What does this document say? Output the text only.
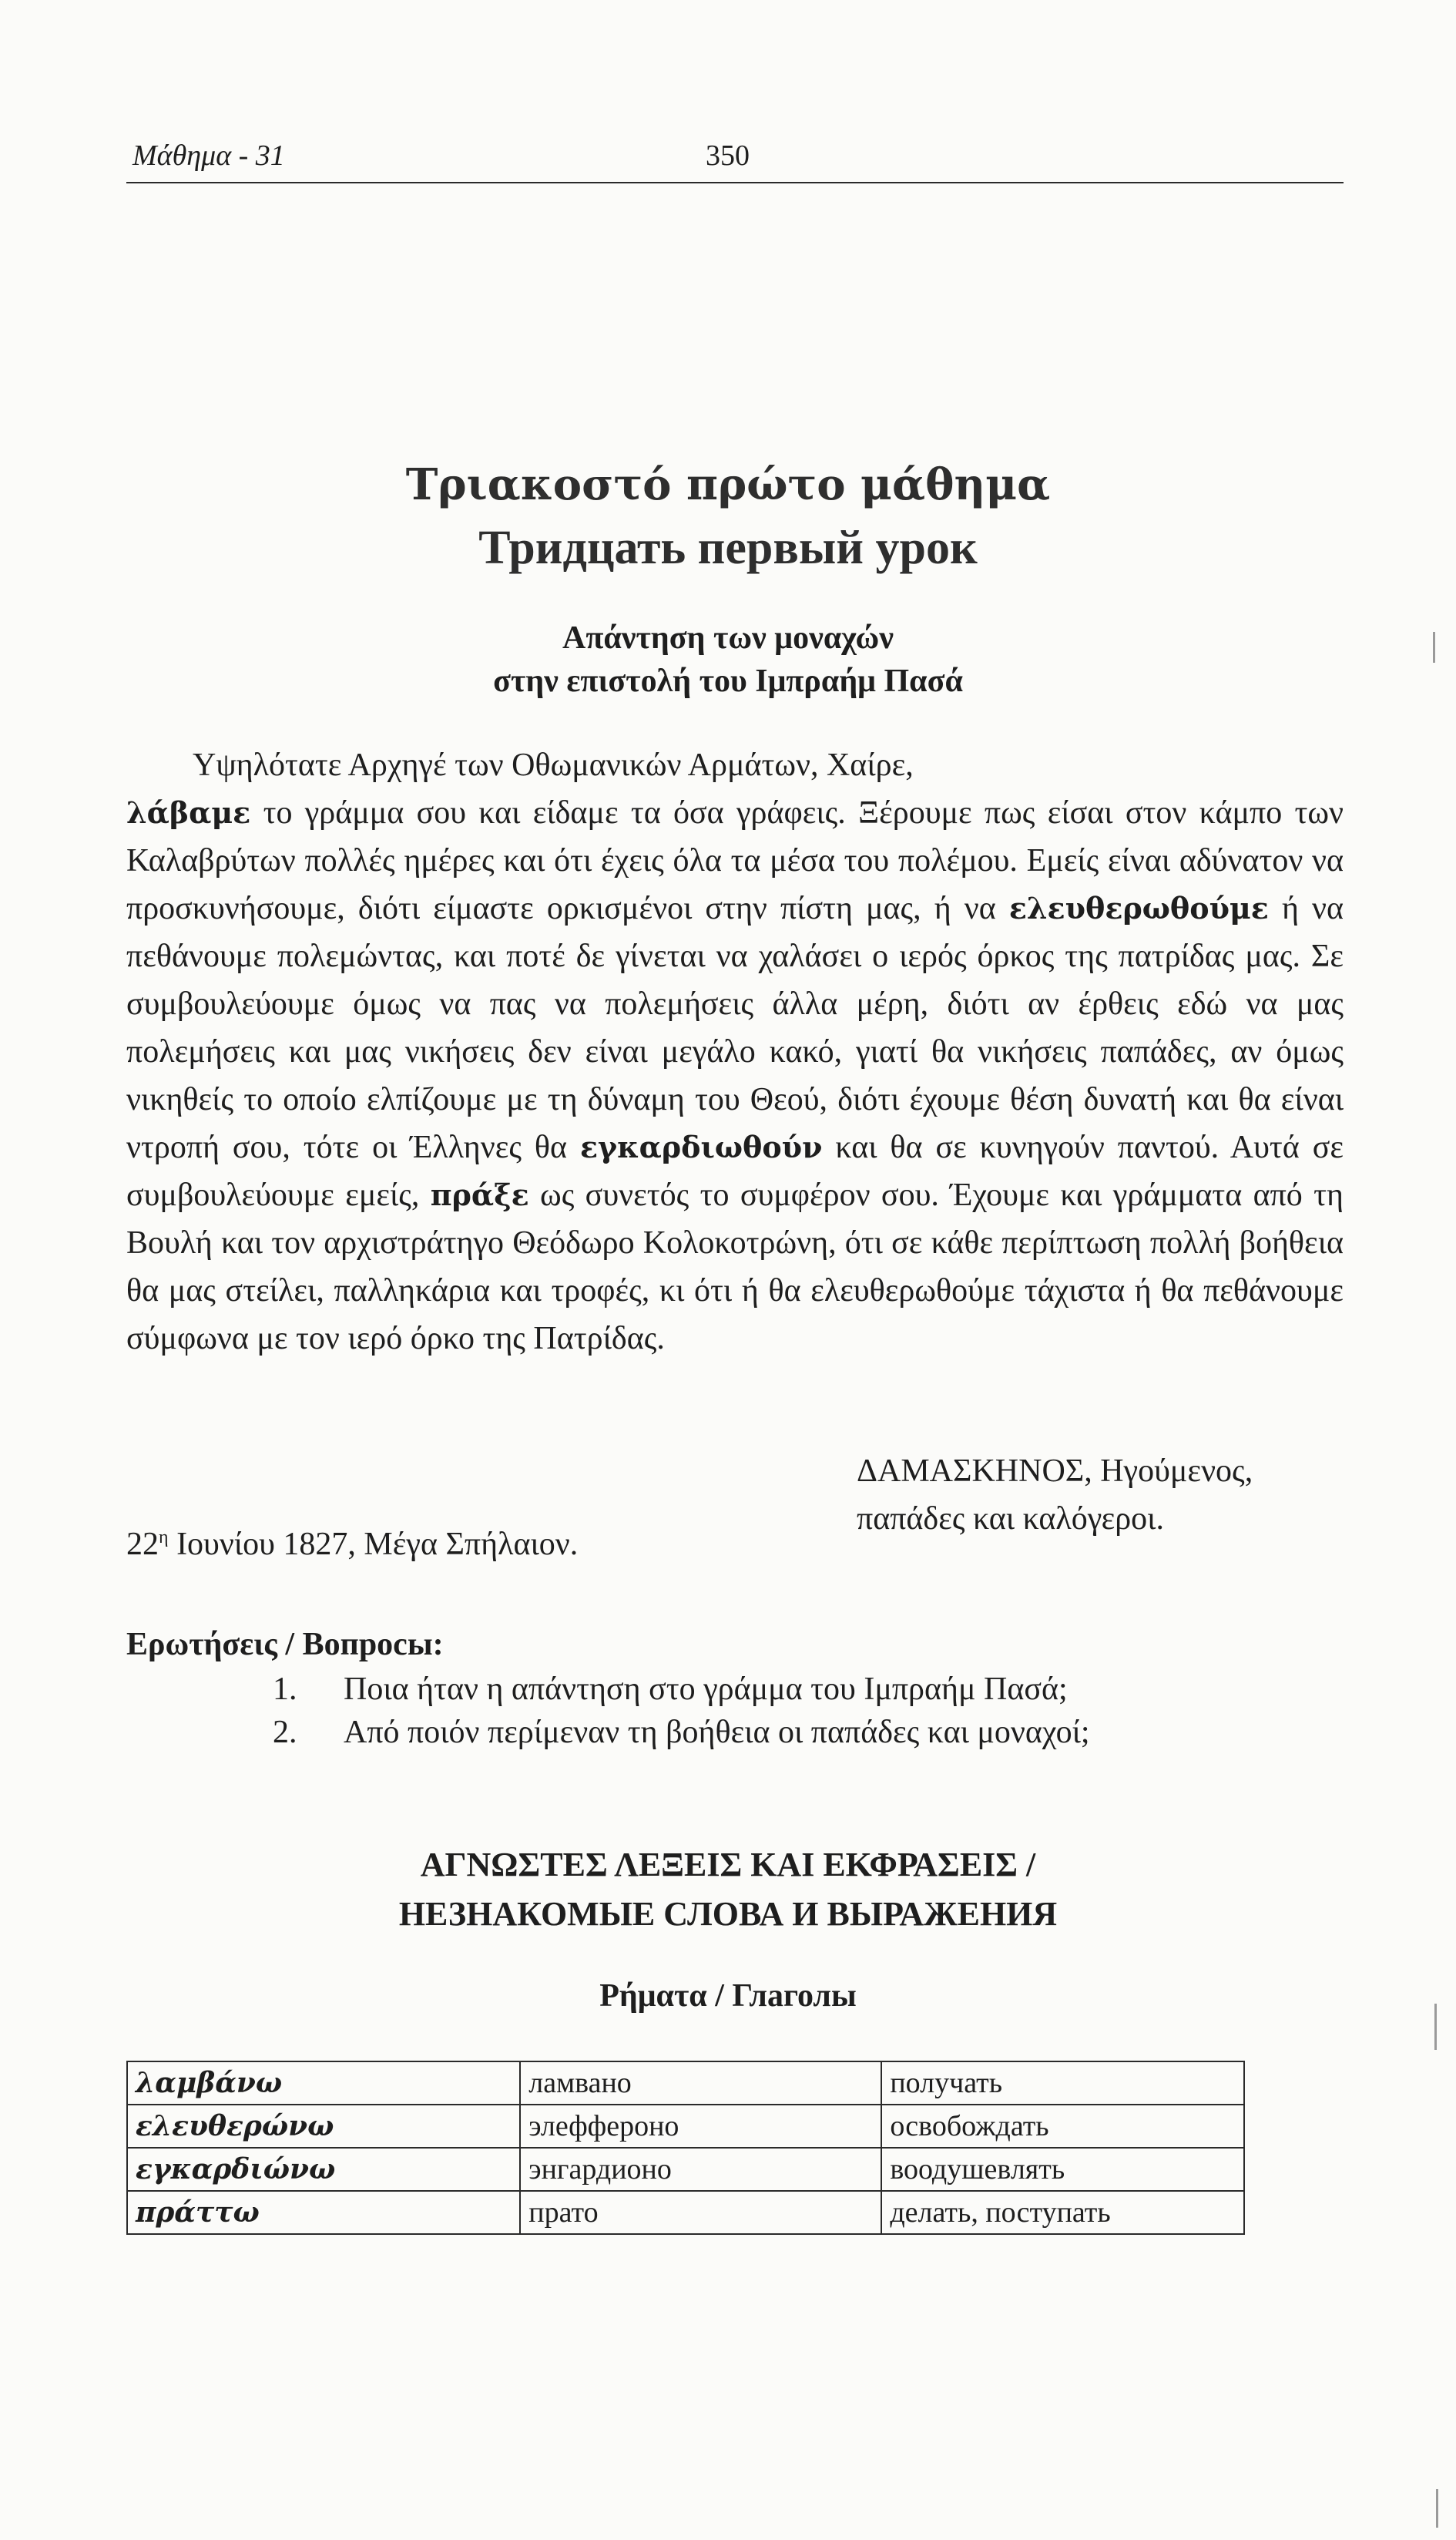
Μάθημα - 31	350
Τριακοστό πρώτο μάθημα
Тридцать первый урок
Απάντηση των μοναχών
στην επιστολή του Ιμπραήμ Πασά

Υψηλότατε Αρχηγέ των Οθωμανικών Αρμάτων, Χαίρε,

λάβαμε το γράμμα σου και είδαμε τα όσα γράφεις. Ξέρουμε πως είσαι στον κάμπο των Καλαβρύτων πολλές ημέρες και ότι έχεις όλα τα μέσα του πολέμου. Εμείς είναι αδύνατον να προσκυνήσουμε, διότι είμαστε ορκισμένοι στην πίστη μας, ή να ελευθερωθούμε ή να πεθάνουμε πολεμώντας, και ποτέ δε γίνεται να χαλάσει ο ιερός όρκος της πατρίδας μας. Σε συμβουλεύουμε όμως να πας να πολεμήσεις άλλα μέρη, διότι αν έρθεις εδώ να μας πολεμήσεις και μας νικήσεις δεν είναι μεγάλο κακό, γιατί θα νικήσεις παπάδες, αν όμως νικηθείς το οποίο ελπίζουμε με τη δύναμη του Θεού, διότι έχουμε θέση δυνατή και θα είναι ντροπή σου, τότε οι Έλληνες θα εγκαρδιωθούν και θα σε κυνηγούν παντού. Αυτά σε συμβουλεύουμε εμείς, πράξε ως συνετός το συμφέρον σου. Έχουμε και γράμματα από τη Βουλή και τον αρχιστράτηγο Θεόδωρο Κολοκοτρώνη, ότι σε κάθε περίπτωση πολλή βοήθεια θα μας στείλει, παλληκάρια και τροφές, κι ότι ή θα ελευθερωθούμε τάχιστα ή θα πεθάνουμε σύμφωνα με τον ιερό όρκο της Πατρίδας.

ΔΑΜΑΣΚΗΝΟΣ, Ηγούμενος,
παπάδες και καλόγεροι.
$22^\eta$ Ιουνίου 1827, Μέγα Σπήλαιον.
Ερωτήσεις / Вопросы:
1. Ποια ήταν η απάντηση στο γράμμα του Ιμπραήμ Πασά;
2. Από ποιόν περίμεναν τη βοήθεια οι παπάδες και μοναχοί;
ΑΓΝΩΣΤΕΣ ΛΕΞΕΙΣ ΚΑΙ ΕΚΦΡΑΣΕΙΣ /
НЕЗНАКОМЫЕ СЛОВА И ВЫРАЖЕНИЯ
Ρήματα / Глаголы
λαμβάνω	ламвано	получать
ελευθερώνω	элеффероно	освобождать
εγκαρδιώνω	энгардионо	воодушевлять
πράττω	прато	делать, поступать
